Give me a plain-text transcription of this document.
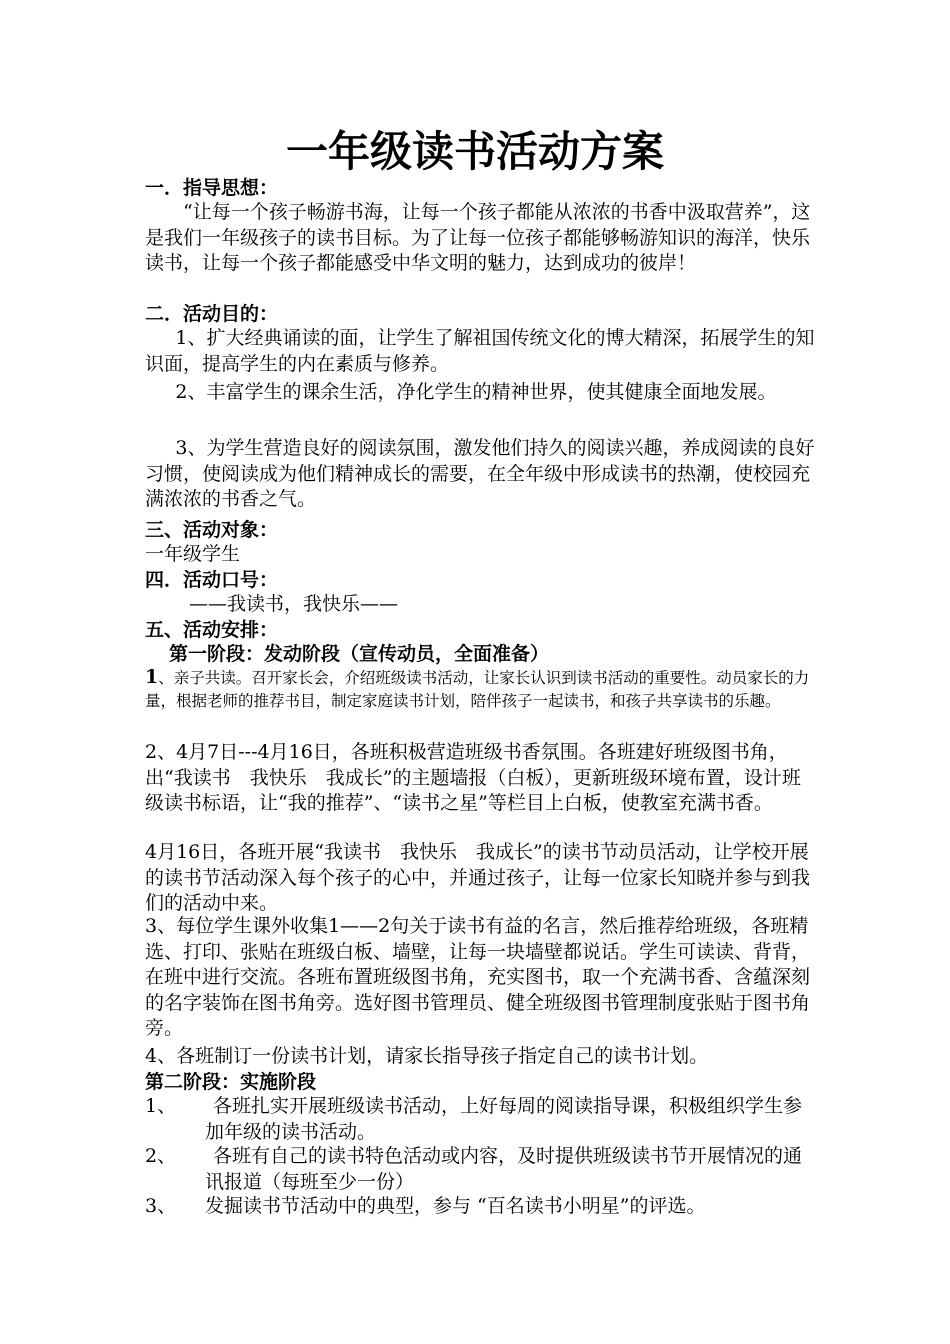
一年级读书活动方案
一．指导思想：
“让每一个孩子畅游书海，让每一个孩子都能从浓浓的书香中汲取营养”，这是我们一年级孩子的读书目标。为了让每一位孩子都能够畅游知识的海洋，快乐读书，让每一个孩子都能感受中华文明的魅力，达到成功的彼岸！
二．活动目的：
1、扩大经典诵读的面，让学生了解祖国传统文化的博大精深，拓展学生的知识面，提高学生的内在素质与修养。
2、丰富学生的课余生活，净化学生的精神世界，使其健康全面地发展。
3、为学生营造良好的阅读氛围，激发他们持久的阅读兴趣，养成阅读的良好习惯，使阅读成为他们精神成长的需要，在全年级中形成读书的热潮，使校园充满浓浓的书香之气。
三、活动对象：
一年级学生
四．活动口号：
——我读书，我快乐——
五、活动安排：
第一阶段：发动阶段（宣传动员，全面准备）
1、亲子共读。召开家长会，介绍班级读书活动，让家长认识到读书活动的重要性。动员家长的力量，根据老师的推荐书目，制定家庭读书计划，陪伴孩子一起读书，和孩子共享读书的乐趣。
2、4月7日---4月16日，各班积极营造班级书香氛围。各班建好班级图书角，出“我读书　我快乐　我成长”的主题墙报（白板），更新班级环境布置，设计班级读书标语，让“我的推荐”、“读书之星”等栏目上白板，使教室充满书香。
4月16日，各班开展“我读书　我快乐　我成长”的读书节动员活动，让学校开展的读书节活动深入每个孩子的心中，并通过孩子，让每一位家长知晓并参与到我们的活动中来。
3、每位学生课外收集1——2句关于读书有益的名言，然后推荐给班级，各班精选、打印、张贴在班级白板、墙壁，让每一块墙壁都说话。学生可读读、背背，在班中进行交流。各班布置班级图书角，充实图书，取一个充满书香、含蕴深刻的名字装饰在图书角旁。选好图书管理员、健全班级图书管理制度张贴于图书角旁。
4、各班制订一份读书计划，请家长指导孩子指定自己的读书计划。
第二阶段：实施阶段
1、	各班扎实开展班级读书活动，上好每周的阅读指导课，积极组织学生参加年级的读书活动。
2、	各班有自己的读书特色活动或内容，及时提供班级读书节开展情况的通讯报道（每班至少一份）
3、 发掘读书节活动中的典型，参与 “百名读书小明星”的评选。
